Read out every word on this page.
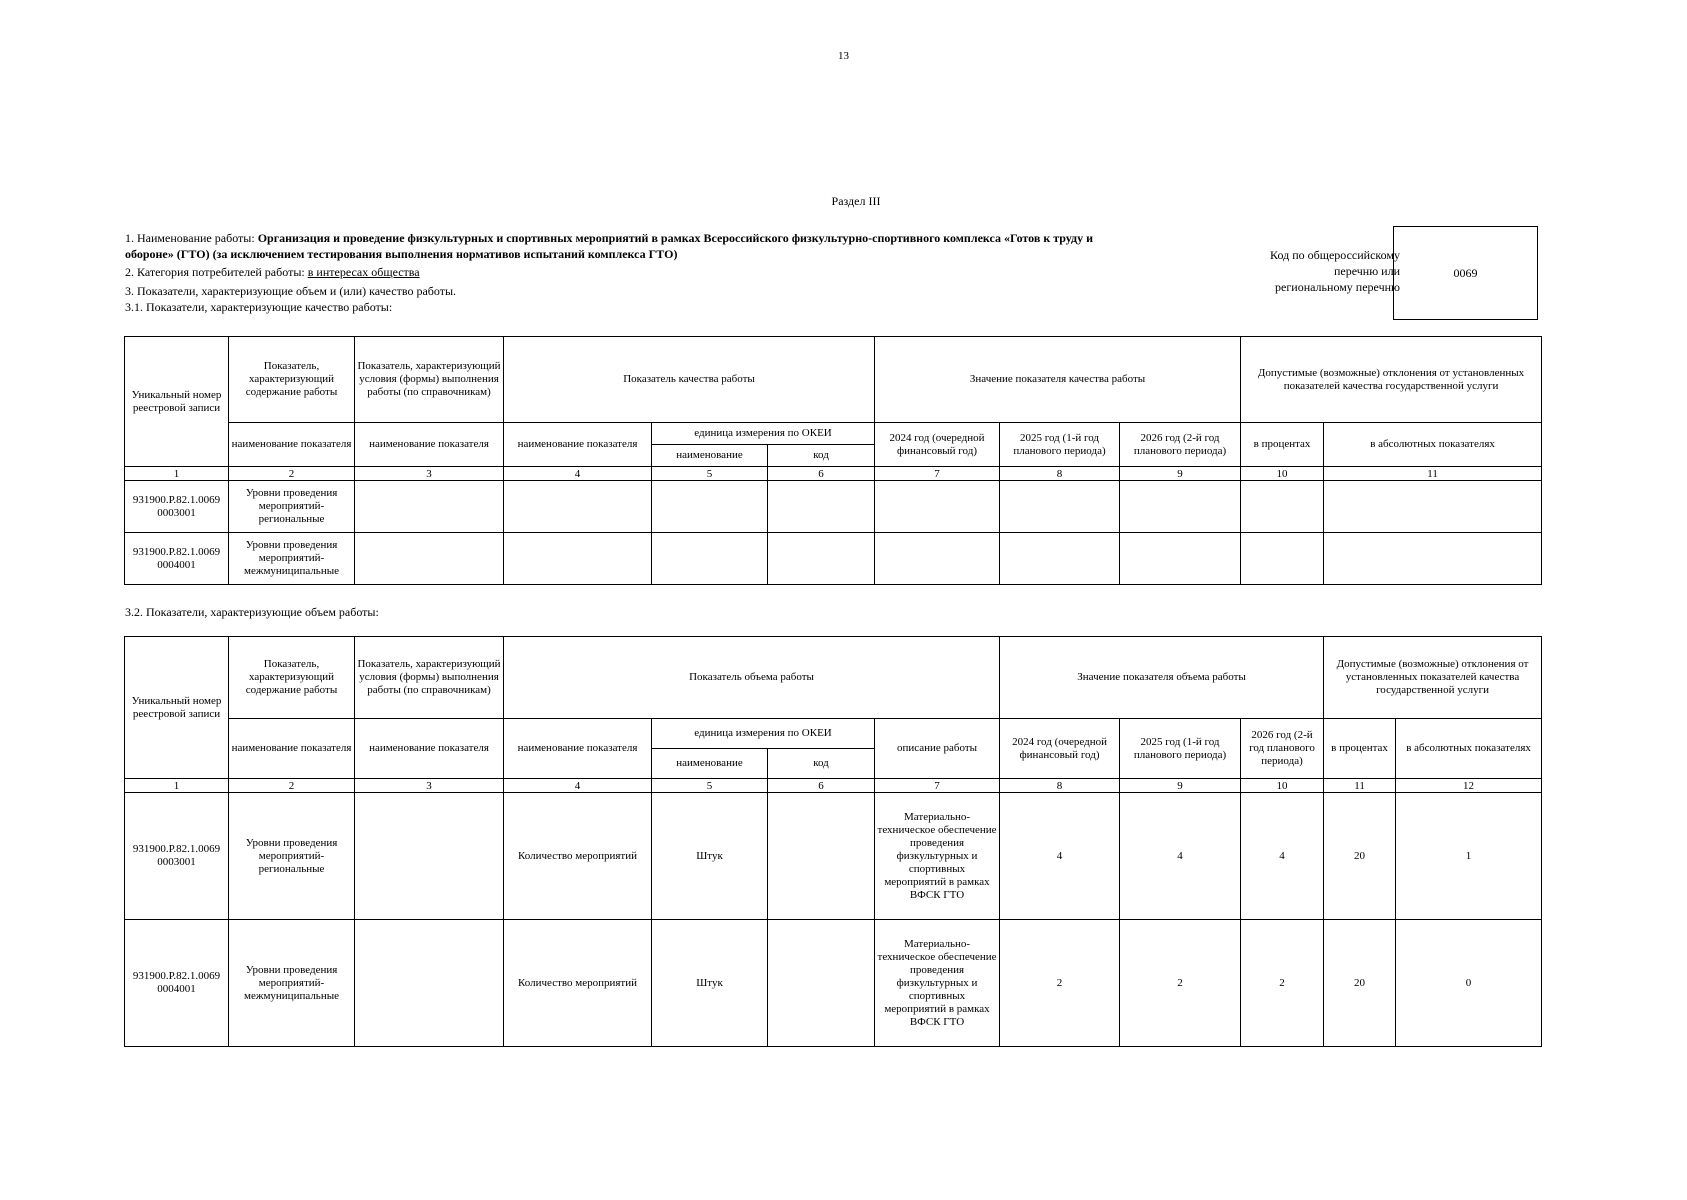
13
Раздел III
1. Наименование работы: Организация и проведение физкультурных и спортивных мероприятий в рамках Всероссийского физкультурно-спортивного комплекса «Готов к труду и
обороне» (ГТО) (за исключением тестирования выполнения нормативов испытаний комплекса ГТО)
2. Категория потребителей работы: в интересах общества
3. Показатели, характеризующие объем и (или) качество работы.
3.1. Показатели, характеризующие качество работы:
Код по общероссийскому
перечню или
региональному перечню
0069
Уникальный номер реестровой записи	Показатель, характеризующий содержание работы	Показатель, характеризующий условия (формы) выполнения работы (по справочникам)	Показатель качества работы			Значение показателя качества работы			Допустимые (возможные) отклонения от установленных показателей качества государственной услуги	
	наименование показателя	наименование показателя	наименование показателя	единица измерения по ОКЕИ		2024 год (очередной финансовый год)	2025 год (1-й год планового периода)	2026 год (2-й год планового периода)	в процентах	в абсолютных показателях
				наименование	код					
1	2	3	4	5	6	7	8	9	10	11
931900.Р.82.1.0069 0003001	Уровни проведения мероприятий-региональные									
931900.Р.82.1.0069 0004001	Уровни проведения мероприятий-межмуниципальные									
3.2. Показатели, характеризующие объем работы:
Уникальный номер реестровой записи	Показатель, характеризующий содержание работы	Показатель, характеризующий условия (формы) выполнения работы (по справочникам)	Показатель объема работы				Значение показателя объема работы			Допустимые (возможные) отклонения от установленных показателей качества государственной услуги	
	наименование показателя	наименование показателя	наименование показателя	единица измерения по ОКЕИ		описание работы	2024 год (очередной финансовый год)	2025 год (1-й год планового периода)	2026 год (2-й год планового периода)	в процентах	в абсолютных показателях
				наименование	код						
1	2	3	4	5	6	7	8	9	10	11	12
931900.Р.82.1.0069 0003001	Уровни проведения мероприятий-региональные		Количество мероприятий	Штук		Материально-техническое обеспечение проведения физкультурных и спортивных мероприятий в рамках ВФСК ГТО	4	4	4	20	1
931900.Р.82.1.0069 0004001	Уровни проведения мероприятий-межмуниципальные		Количество мероприятий	Штук		Материально-техническое обеспечение проведения физкультурных и спортивных мероприятий в рамках ВФСК ГТО	2	2	2	20	0
